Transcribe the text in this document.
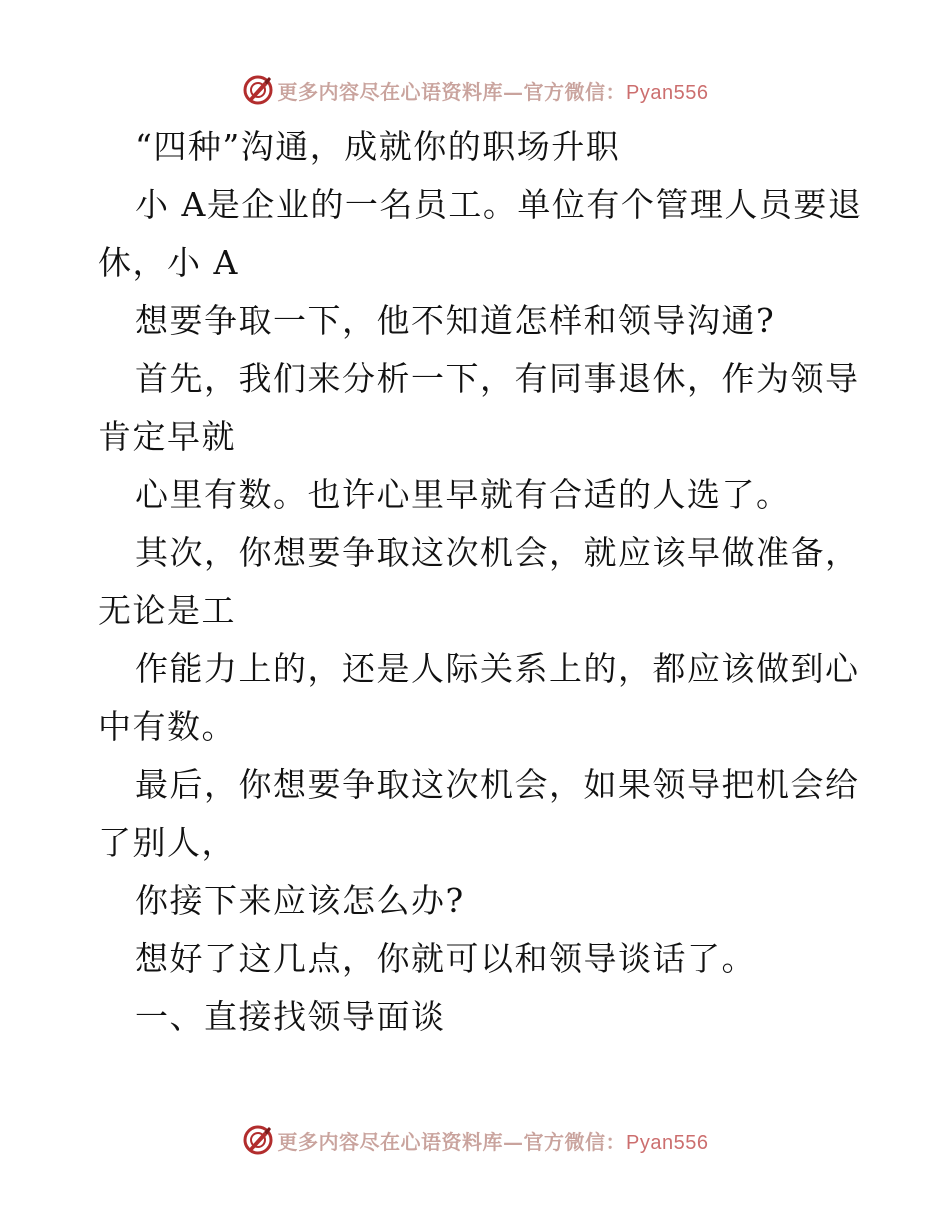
更多内容尽在心语资料库—官方微信：Pyan556
“四种”沟通，成就你的职场升职
小 A是企业的一名员工。单位有个管理人员要退
休，小 A
想要争取一下，他不知道怎样和领导沟通?
首先，我们来分析一下，有同事退休，作为领导
肯定早就
心里有数。也许心里早就有合适的人选了。
其次，你想要争取这次机会，就应该早做准备，
无论是工
作能力上的，还是人际关系上的，都应该做到心
中有数。
最后，你想要争取这次机会，如果领导把机会给
了别人，
你接下来应该怎么办?
想好了这几点，你就可以和领导谈话了。
一、直接找领导面谈
更多内容尽在心语资料库—官方微信：Pyan556
